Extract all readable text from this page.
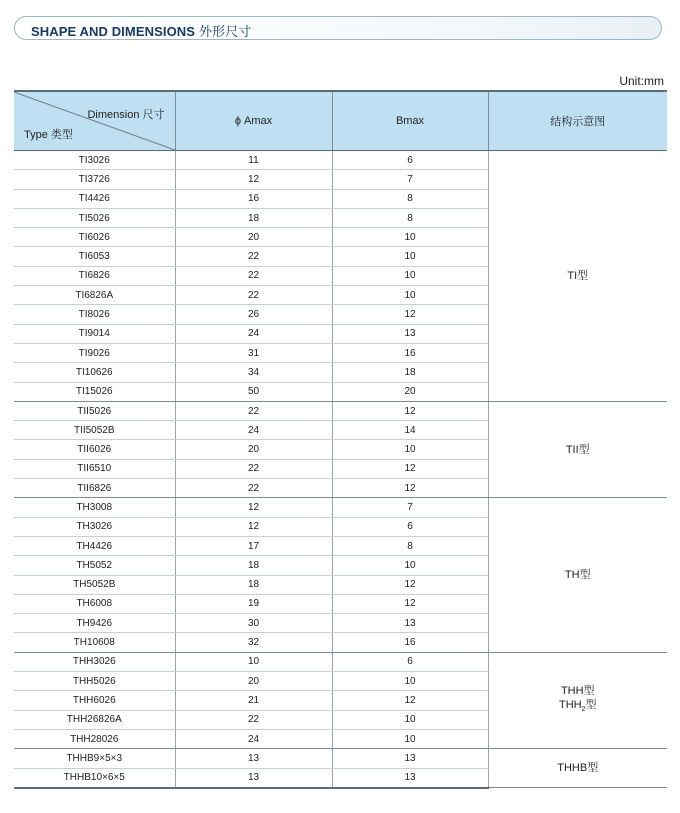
SHAPE AND DIMENSIONS 外形尺寸
Unit:mm
Dimension 尺寸
Type 类型	ϕ Amax	Bmax	结构示意图
TI3026	11	6	TI型

TI3726	12	7	
TI4426	16	8	
TI5026	18	8	
TI6026	20	10	
TI6053	22	10	
TI6826	22	10	
TI6826A	22	10	
TI8026	26	12	
TI9014	24	13	
TI9026	31	16	
TI10626	34	18	
TI15026	50	20	
TII5026	22	12	TII型

TII5052B	24	14	
TII6026	20	10	
TII6510	22	12	
TII6826	22	12	
TH3008	12	7	TH型

TH3026	12	6	
TH4426	17	8	
TH5052	18	10	
TH5052B	18	12	
TH6008	19	12	
TH9426	30	13	
TH10608	32	16	
THH3026	10	6	THH型
$THH_2$型

THH5026	20	10	
THH6026	21	12	
THH26826A	22	10	
THH28026	24	10	
THHB9×5×3	13	13	THHB型

THHB10×6×5	13	13	
